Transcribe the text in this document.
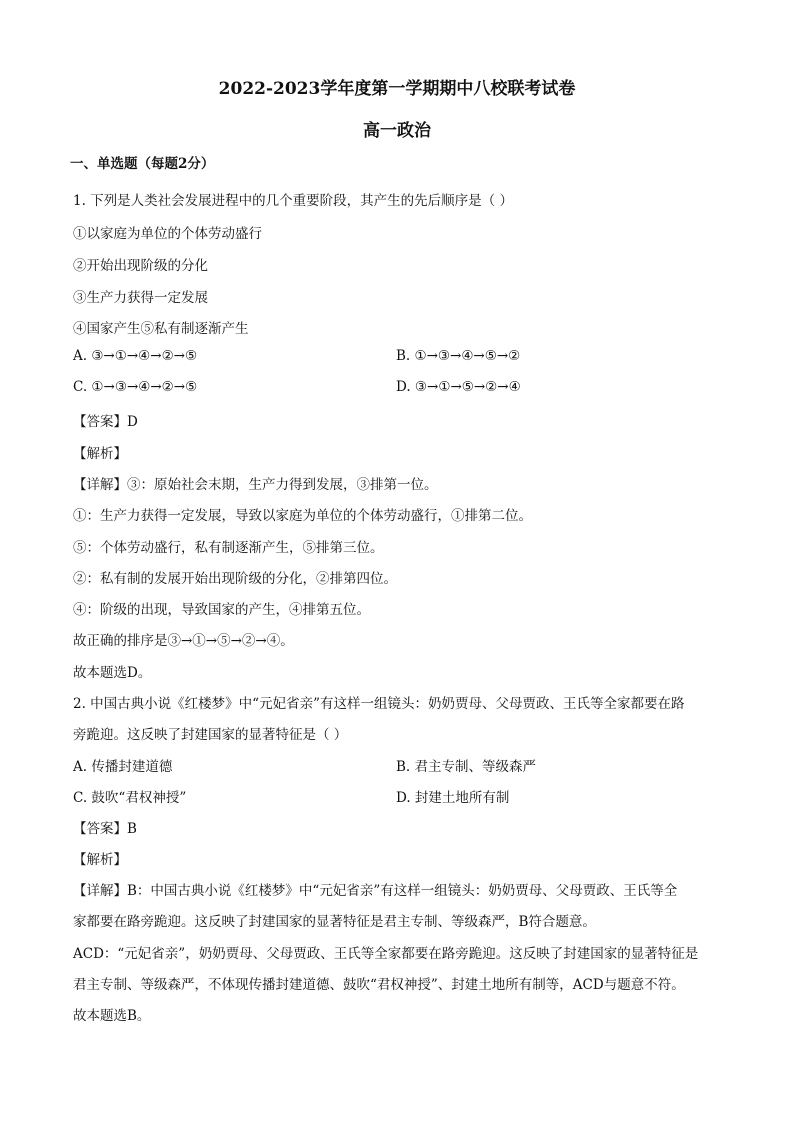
2022-2023学年度第一学期期中八校联考试卷
高一政治
一、单选题（每题2分）
1. 下列是人类社会发展进程中的几个重要阶段，其产生的先后顺序是（ ）
①以家庭为单位的个体劳动盛行
②开始出现阶级的分化
③生产力获得一定发展
④国家产生⑤私有制逐渐产生
A. ③→①→④→②→⑤	B. ①→③→④→⑤→②
C. ①→③→④→②→⑤	D. ③→①→⑤→②→④
【答案】D
【解析】
【详解】③：原始社会末期，生产力得到发展，③排第一位。
①：生产力获得一定发展，导致以家庭为单位的个体劳动盛行，①排第二位。
⑤：个体劳动盛行，私有制逐渐产生，⑤排第三位。
②：私有制的发展开始出现阶级的分化，②排第四位。
④：阶级的出现，导致国家的产生，④排第五位。
故正确的排序是③→①→⑤→②→④。
故本题选D。
2. 中国古典小说《红楼梦》中“元妃省亲”有这样一组镜头：奶奶贾母、父母贾政、王氏等全家都要在路
旁跪迎。这反映了封建国家的显著特征是（ ）
A. 传播封建道德	B. 君主专制、等级森严
C. 鼓吹“君权神授”	D. 封建土地所有制
【答案】B
【解析】
【详解】B：中国古典小说《红楼梦》中“元妃省亲”有这样一组镜头：奶奶贾母、父母贾政、王氏等全
家都要在路旁跪迎。这反映了封建国家的显著特征是君主专制、等级森严，B符合题意。
ACD：“元妃省亲”，奶奶贾母、父母贾政、王氏等全家都要在路旁跪迎。这反映了封建国家的显著特征是
君主专制、等级森严，不体现传播封建道德、鼓吹“君权神授”、封建土地所有制等，ACD与题意不符。
故本题选B。
